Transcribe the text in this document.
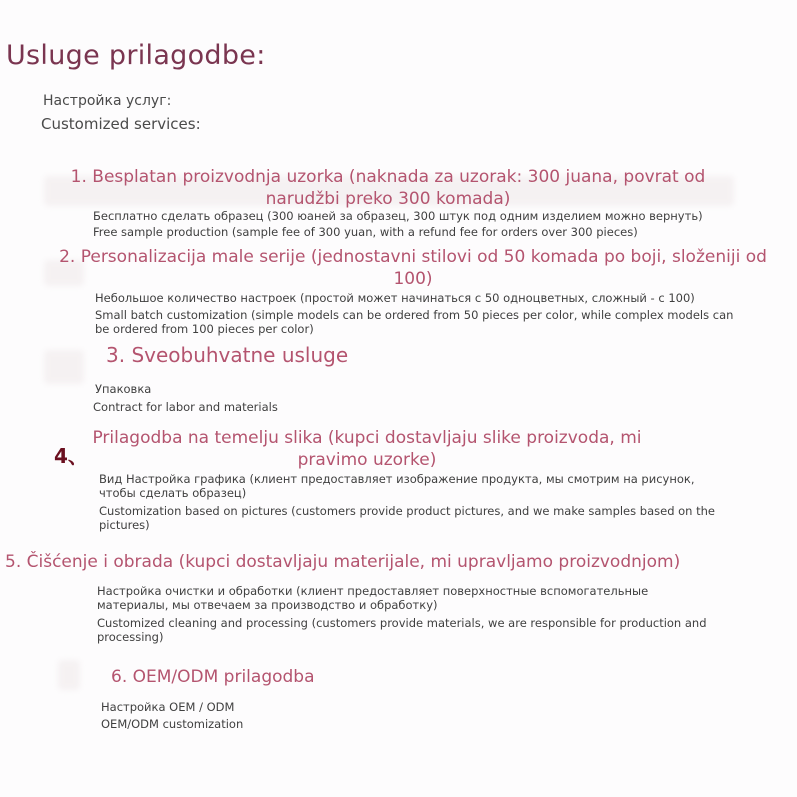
Usluge prilagodbe:
Настройка услуг:
Customized services:
1. Besplatan proizvodnja uzorka (naknada za uzorak: 300 juana, povrat od narudžbi preko 300 komada)
Бесплатно сделать образец (300 юаней за образец, 300 штук под одним изделием можно вернуть)
Free sample production (sample fee of 300 yuan, with a refund fee for orders over 300 pieces)
2. Personalizacija male serije (jednostavni stilovi od 50 komada po boji, složeniji od 100)
Небольшое количество настроек (простой может начинаться с 50 одноцветных, сложный - с 100)
Small batch customization (simple models can be ordered from 50 pieces per color, while complex models can be ordered from 100 pieces per color)
3. Sveobuhvatne usluge
Упаковка
Contract for labor and materials
4、
Prilagodba na temelju slika (kupci dostavljaju slike proizvoda, mi pravimo uzorke)
Вид Настройка графика (клиент предоставляет изображение продукта, мы смотрим на рисунок, чтобы сделать образец)
Customization based on pictures (customers provide product pictures, and we make samples based on the pictures)
5. Čišćenje i obrada (kupci dostavljaju materijale, mi upravljamo proizvodnjom)
Настройка очистки и обработки (клиент предоставляет поверхностные вспомогательные материалы, мы отвечаем за производство и обработку)
Customized cleaning and processing (customers provide materials, we are responsible for production and processing)
6. OEM/ODM prilagodba
Настройка OEM / ODM
OEM/ODM customization
